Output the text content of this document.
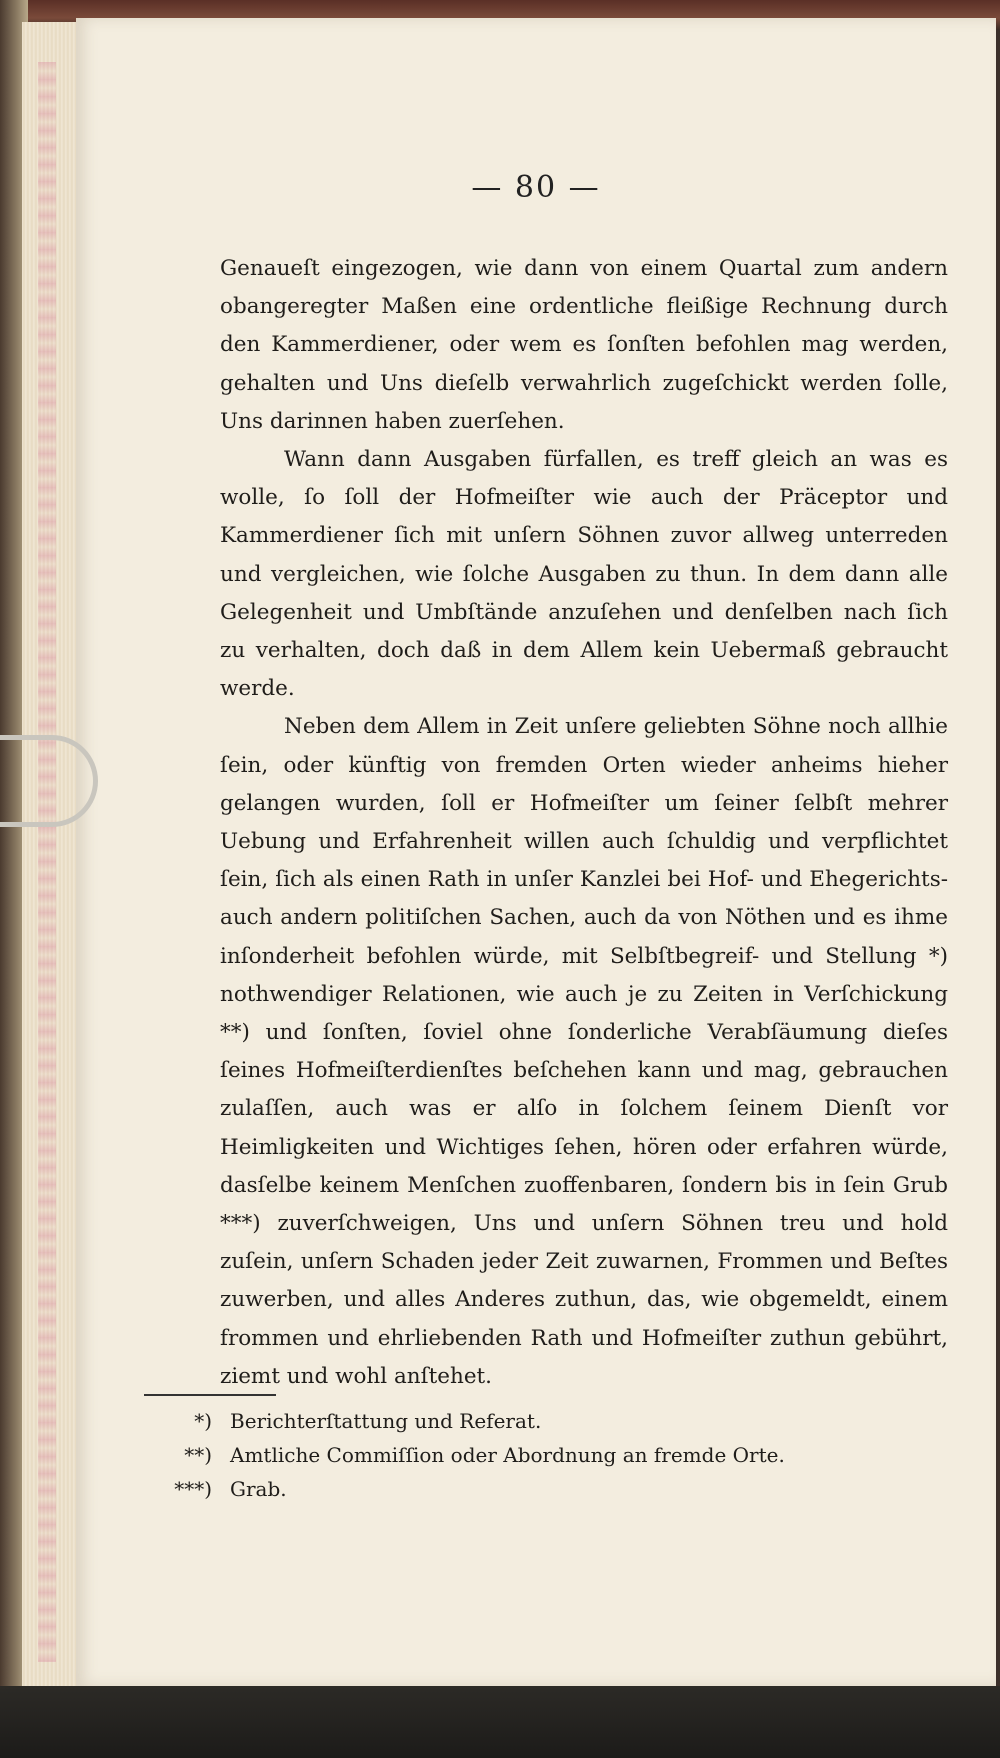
— 80 —

Genaueſt eingezogen, wie dann von einem Quartal zum andern obangeregter Maßen eine ordentliche fleißige Rechnung durch den Kammerdiener, oder wem es ſonſten befohlen mag werden, gehalten und Uns dieſelb verwahrlich zugeſchickt werden ſolle, Uns darinnen haben zuerſehen.

Wann dann Ausgaben fürfallen, es treff gleich an was es wolle, ſo ſoll der Hofmeiſter wie auch der Präceptor und Kammerdiener ſich mit unſern Söhnen zuvor allweg unterreden und vergleichen, wie ſolche Ausgaben zu thun. In dem dann alle Gelegenheit und Umbſtände anzuſehen und denſelben nach ſich zu verhalten, doch daß in dem Allem kein Uebermaß gebraucht werde.

Neben dem Allem in Zeit unſere geliebten Söhne noch allhie ſein, oder künftig von fremden Orten wieder anheims hieher gelangen wurden, ſoll er Hofmeiſter um ſeiner ſelbſt mehrer Uebung und Erfahrenheit willen auch ſchuldig und verpflichtet ſein, ſich als einen Rath in unſer Kanzlei bei Hof- und Ehegerichts- auch andern politiſchen Sachen, auch da von Nöthen und es ihme inſonderheit befohlen würde, mit Selbſtbegreif- und Stellung *) nothwendiger Relationen, wie auch je zu Zeiten in Verſchickung **) und ſonſten, ſoviel ohne ſonderliche Verabſäumung dieſes ſeines Hofmeiſterdienſtes beſchehen kann und mag, gebrauchen zulaſſen, auch was er alſo in ſolchem ſeinem Dienſt vor Heimligkeiten und Wichtiges ſehen, hören oder erfahren würde, dasſelbe keinem Menſchen zuoffenbaren, ſondern bis in ſein Grub ***) zuverſchweigen, Uns und unſern Söhnen treu und hold zuſein, unſern Schaden jeder Zeit zuwarnen, Frommen und Beſtes zuwerben, und alles Anderes zuthun, das, wie obgemeldt, einem frommen und ehrliebenden Rath und Hofmeiſter zuthun gebührt, ziemt und wohl anſtehet.

*) Berichterſtattung und Referat.
**) Amtliche Commiſſion oder Abordnung an fremde Orte.
***) Grab.
